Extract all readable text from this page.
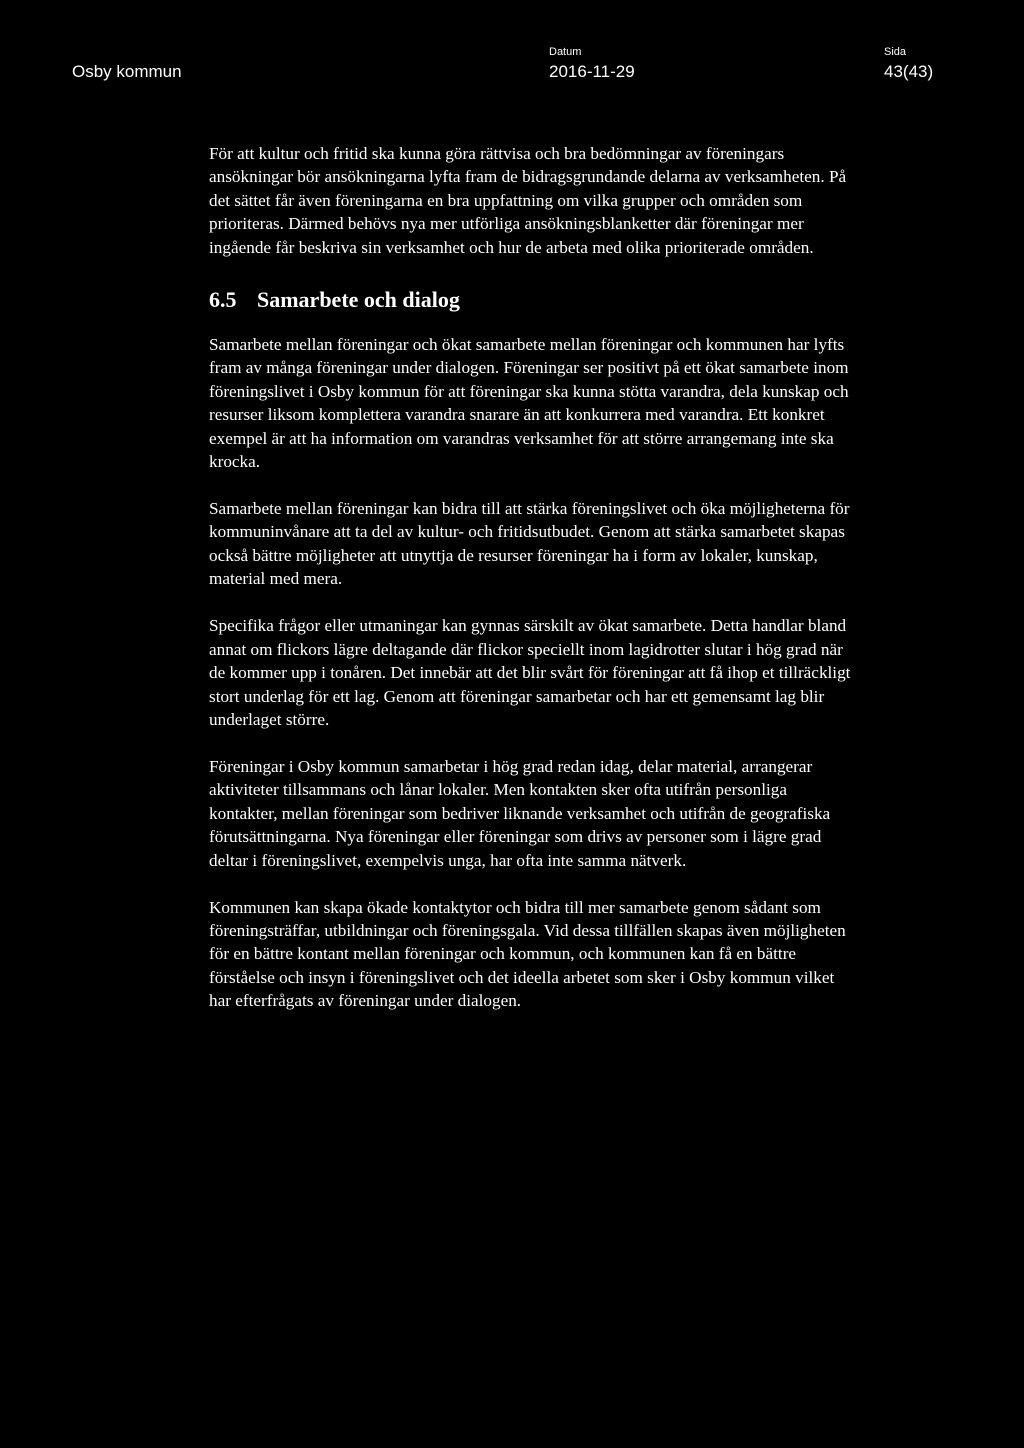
Osby kommun
Datum
2016-11-29
Sida
43(43)

För att kultur och fritid ska kunna göra rättvisa och bra bedömningar av föreningars ansökningar bör ansökningarna lyfta fram de bidragsgrundande delarna av verksamheten. På det sättet får även föreningarna en bra uppfattning om vilka grupper och områden som prioriteras. Därmed behövs nya mer utförliga ansökningsblanketter där föreningar mer ingående får beskriva sin verksamhet och hur de arbeta med olika prioriterade områden.

6.5 Samarbete och dialog

Samarbete mellan föreningar och ökat samarbete mellan föreningar och kommunen har lyfts fram av många föreningar under dialogen. Föreningar ser positivt på ett ökat samarbete inom föreningslivet i Osby kommun för att föreningar ska kunna stötta varandra, dela kunskap och resurser liksom komplettera varandra snarare än att konkurrera med varandra. Ett konkret exempel är att ha information om varandras verksamhet för att större arrangemang inte ska krocka.

Samarbete mellan föreningar kan bidra till att stärka föreningslivet och öka möjligheterna för kommuninvånare att ta del av kultur- och fritidsutbudet. Genom att stärka samarbetet skapas också bättre möjligheter att utnyttja de resurser föreningar ha i form av lokaler, kunskap, material med mera.

Specifika frågor eller utmaningar kan gynnas särskilt av ökat samarbete. Detta handlar bland annat om flickors lägre deltagande där flickor speciellt inom lagidrotter slutar i hög grad när de kommer upp i tonåren. Det innebär att det blir svårt för föreningar att få ihop et tillräckligt stort underlag för ett lag. Genom att föreningar samarbetar och har ett gemensamt lag blir underlaget större.

Föreningar i Osby kommun samarbetar i hög grad redan idag, delar material, arrangerar aktiviteter tillsammans och lånar lokaler. Men kontakten sker ofta utifrån personliga kontakter, mellan föreningar som bedriver liknande verksamhet och utifrån de geografiska förutsättningarna. Nya föreningar eller föreningar som drivs av personer som i lägre grad deltar i föreningslivet, exempelvis unga, har ofta inte samma nätverk.

Kommunen kan skapa ökade kontaktytor och bidra till mer samarbete genom sådant som föreningsträffar, utbildningar och föreningsgala. Vid dessa tillfällen skapas även möjligheten för en bättre kontant mellan föreningar och kommun, och kommunen kan få en bättre förståelse och insyn i föreningslivet och det ideella arbetet som sker i Osby kommun vilket har efterfrågats av föreningar under dialogen.
